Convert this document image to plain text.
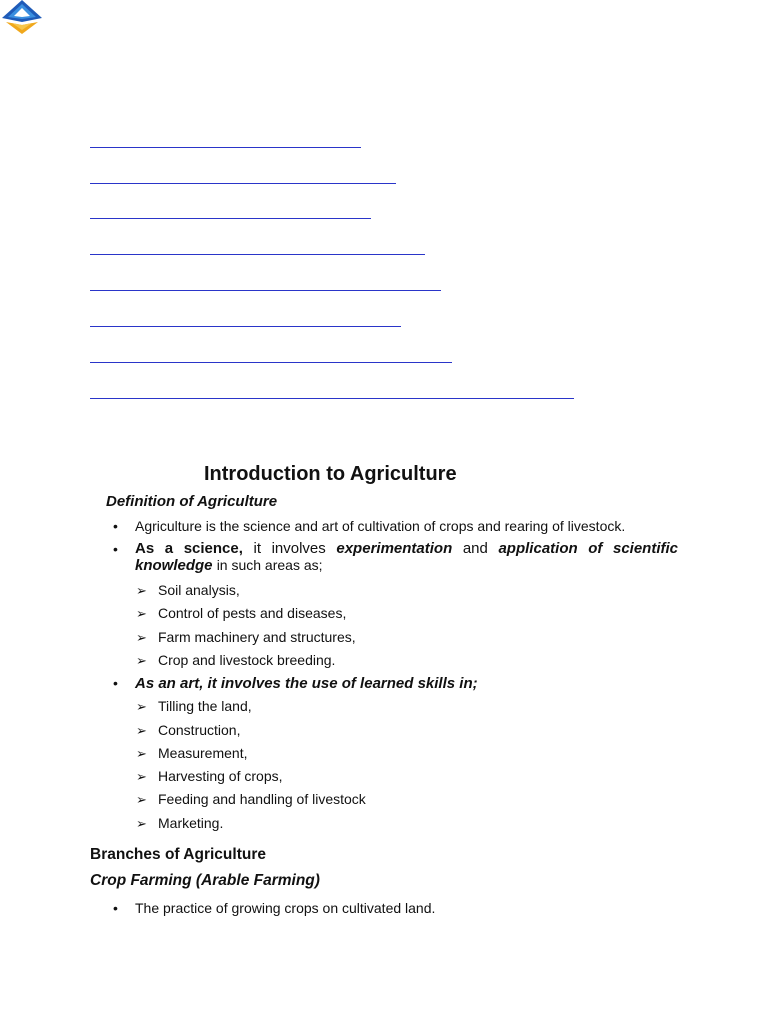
Introduction to Agriculture
Definition of Agriculture
• Agriculture is the science and art of cultivation of crops and rearing of livestock.
• As a science, it involves experimentation and application of scientific
knowledge in such areas as;
➢ Soil analysis,
➢ Control of pests and diseases,
➢ Farm machinery and structures,
➢ Crop and livestock breeding.
• As an art, it involves the use of learned skills in;
➢ Tilling the land,
➢ Construction,
➢ Measurement,
➢ Harvesting of crops,
➢ Feeding and handling of livestock
➢ Marketing.
Branches of Agriculture
Crop Farming (Arable Farming)
• The practice of growing crops on cultivated land.
